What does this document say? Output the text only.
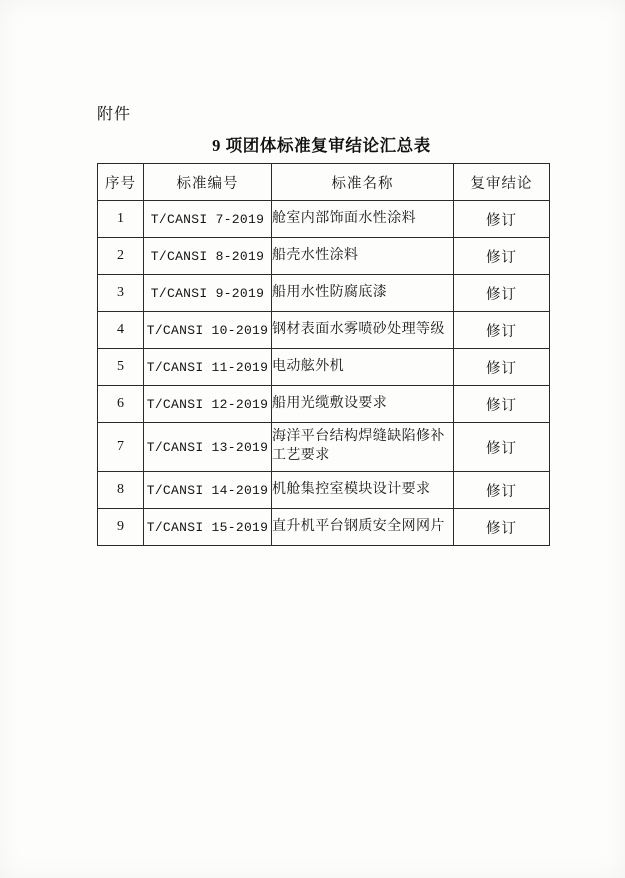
附件
9 项团体标准复审结论汇总表
序号	标准编号	标准名称	复审结论
1	T/CANSI 7-2019	舱室内部饰面水性涂料	修订
2	T/CANSI 8-2019	船壳水性涂料	修订
3	T/CANSI 9-2019	船用水性防腐底漆	修订
4	T/CANSI 10-2019	钢材表面水雾喷砂处理等级	修订
5	T/CANSI 11-2019	电动舷外机	修订
6	T/CANSI 12-2019	船用光缆敷设要求	修订
7	T/CANSI 13-2019	海洋平台结构焊缝缺陷修补工艺要求	修订
8	T/CANSI 14-2019	机舱集控室模块设计要求	修订
9	T/CANSI 15-2019	直升机平台钢质安全网网片	修订
